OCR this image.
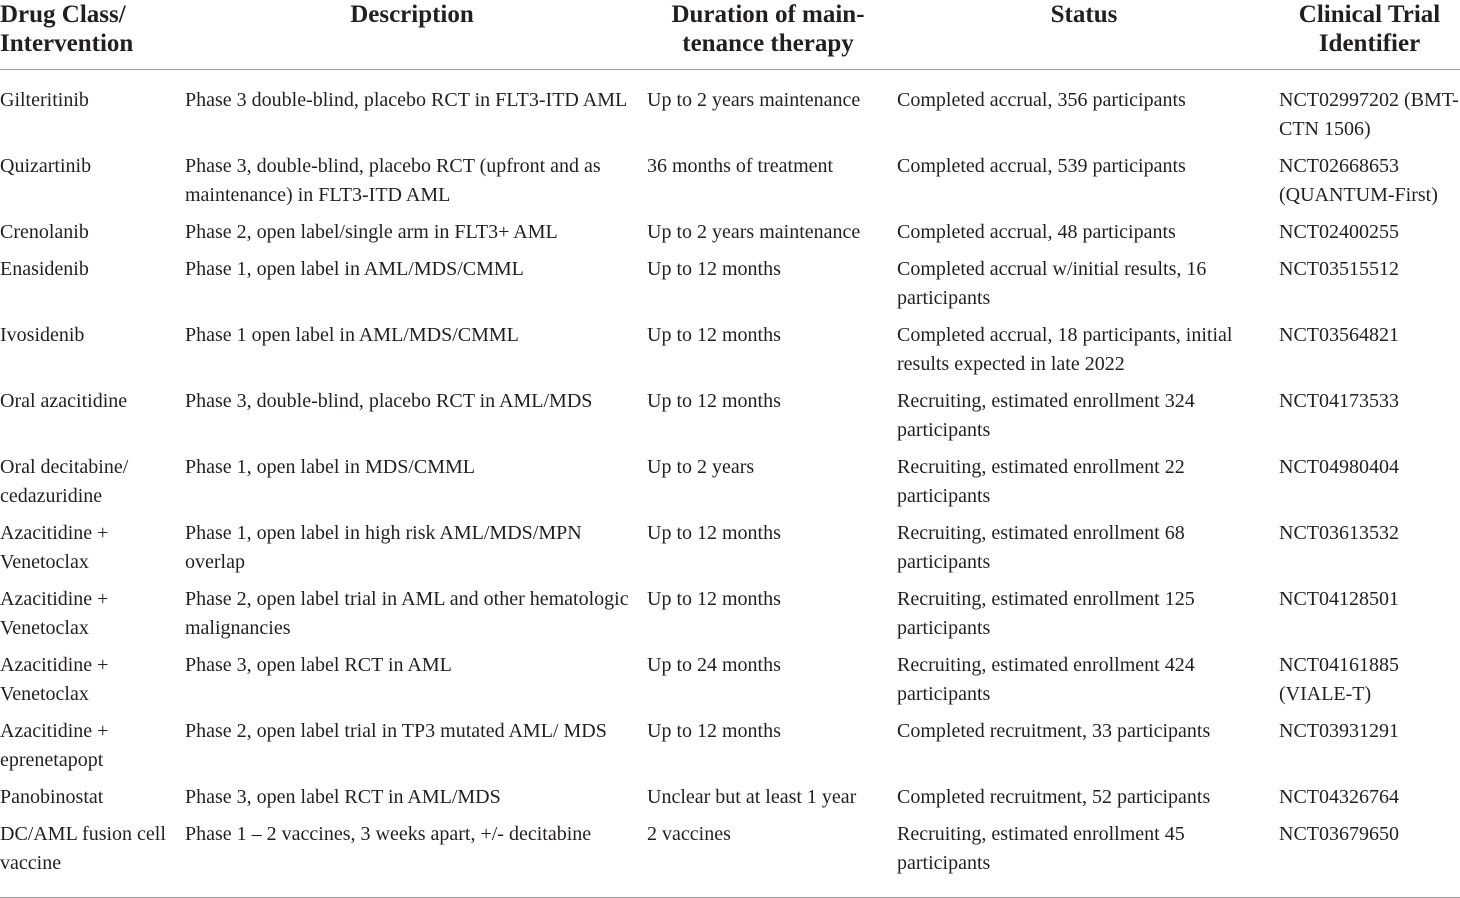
Drug Class/ Intervention	Description	Duration of main- tenance therapy	Status	Clinical Trial Identifier
Gilteritinib	Phase 3 double-blind, placebo RCT in FLT3-ITD AML	Up to 2 years maintenance	Completed accrual, 356 participants	NCT02997202 (BMT-CTN 1506)
Quizartinib	Phase 3, double-blind, placebo RCT (upfront and as maintenance) in FLT3-ITD AML	36 months of treatment	Completed accrual, 539 participants	NCT02668653 (QUANTUM-First)
Crenolanib	Phase 2, open label/single arm in FLT3+ AML	Up to 2 years maintenance	Completed accrual, 48 participants	NCT02400255
Enasidenib	Phase 1, open label in AML/MDS/CMML	Up to 12 months	Completed accrual w/initial results, 16 participants	NCT03515512
Ivosidenib	Phase 1 open label in AML/MDS/CMML	Up to 12 months	Completed accrual, 18 participants, initial results expected in late 2022	NCT03564821
Oral azacitidine	Phase 3, double-blind, placebo RCT in AML/MDS	Up to 12 months	Recruiting, estimated enrollment 324 participants	NCT04173533
Oral decitabine/ cedazuridine	Phase 1, open label in MDS/CMML	Up to 2 years	Recruiting, estimated enrollment 22 participants	NCT04980404
Azacitidine + Venetoclax	Phase 1, open label in high risk AML/MDS/MPN overlap	Up to 12 months	Recruiting, estimated enrollment 68 participants	NCT03613532
Azacitidine + Venetoclax	Phase 2, open label trial in AML and other hematologic malignancies	Up to 12 months	Recruiting, estimated enrollment 125 participants	NCT04128501
Azacitidine + Venetoclax	Phase 3, open label RCT in AML	Up to 24 months	Recruiting, estimated enrollment 424 participants	NCT04161885 (VIALE-T)
Azacitidine + eprenetapopt	Phase 2, open label trial in TP3 mutated AML/ MDS	Up to 12 months	Completed recruitment, 33 participants	NCT03931291
Panobinostat	Phase 3, open label RCT in AML/MDS	Unclear but at least 1 year	Completed recruitment, 52 participants	NCT04326764
DC/AML fusion cell vaccine	Phase 1 – 2 vaccines, 3 weeks apart, +/- decitabine	2 vaccines	Recruiting, estimated enrollment 45 participants	NCT03679650
